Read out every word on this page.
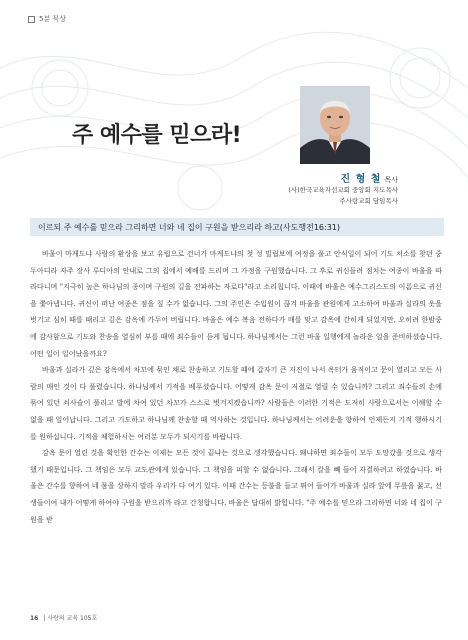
5분 묵상
주 예수를 믿으라!
진 형 철 목사
(사)한국교육자선교회 중앙회 지도목사
주사랑교회 담임목사
이르되 주 예수를 믿으라 그리하면 너와 네 집이 구원을 받으리라 하고(사도행전16:31)

바울이 마게도냐 사람의 환상을 보고 유럽으로 건너가 마게도냐의 첫 성 빌립보에 여정을 풀고 안식일이 되어 기도 처소를 찾던 중 두아디라 자주 장사 루디아의 안내로 그의 집에서 예배를 드리며 그 가정을 구원했습니다. 그 후로 귀신들려 점치는 여종이 바울을 따라다니며 "지극히 높은 하나님의 종이며 구원의 길을 전파하는 자로다"라고 소리칩니다. 이때에 바울은 예수그리스도의 이름으로 귀신을 쫓아냅니다. 귀신이 떠난 여종은 점을 칠 수가 없습니다. 그의 주인은 수입원이 끊겨 바울을 관원에게 고소하여 바울과 실라의 옷을 벗기고 심히 때를 때리고 깊은 감옥에 가두어 버립니다. 바울은 예수 복음 전하다가 매를 맞고 감옥에 간히게 되었지만, 오히려 한밤중에 감사함으로 기도와 찬송을 열심히 부를 때에 죄수들이 듣게 됩니다. 하나님께서는 그런 바울 일행에게 놀라운 일을 준비하셨습니다. 어떤 일이 일어났을까요?

바울과 실라가 깊은 감옥에서 차꼬에 묶인 채로 찬송하고 기도할 때에 갑자기 큰 지진이 나서 옥터가 움직이고 문이 열리고 모든 사람의 매인 것이 다 풀렸습니다. 하나님께서 기적을 베푸셨습니다. 어떻게 감옥 문이 저절로 열릴 수 있습니까? 그리고 죄수들의 손에 묶여 있던 쇠사슬이 풀리고 발에 차여 있던 차꼬가 스스로 벗겨지겠습니까? 사람들은 이러한 기적은 도저히 사람으로서는 이해할 수 없을 때 일어납니다. 그리고 기도하고 하나님께 찬송할 때 역사하는 것입니다. 하나님께서는 어려운을 향하여 언제든지 기적 행하시기를 원하십니다. 기적을 체험하시는 여러분 모두가 되시기를 바랍니다.

감옥 문이 열린 것을 확인한 간수는 이제는 모든 것이 끝나는 것으로 생각했습니다. 왜냐하면 죄수들이 모두 도망갔을 것으로 생각했기 때문입니다. 그 책임은 모두 교도관에게 있습니다. 그 책임을 피할 수 없습니다. 그래서 칼을 빼 들어 자결하려고 하였습니다. 바울은 간수를 향하여 네 몸을 상하지 말라 우리가 다 여기 있다. 이때 간수는 등불을 들고 뛰어 들어가 바울과 실라 앞에 무릎을 꿇고, 선생들이여 내가 어떻게 하여야 구원을 받으리까 라고 간청합니다. 바울은 답대히 밝힙니다. "주 예수를 믿으라 그리하면 너와 네 집이 구원을 받

16 | 사랑의 교육 105호
